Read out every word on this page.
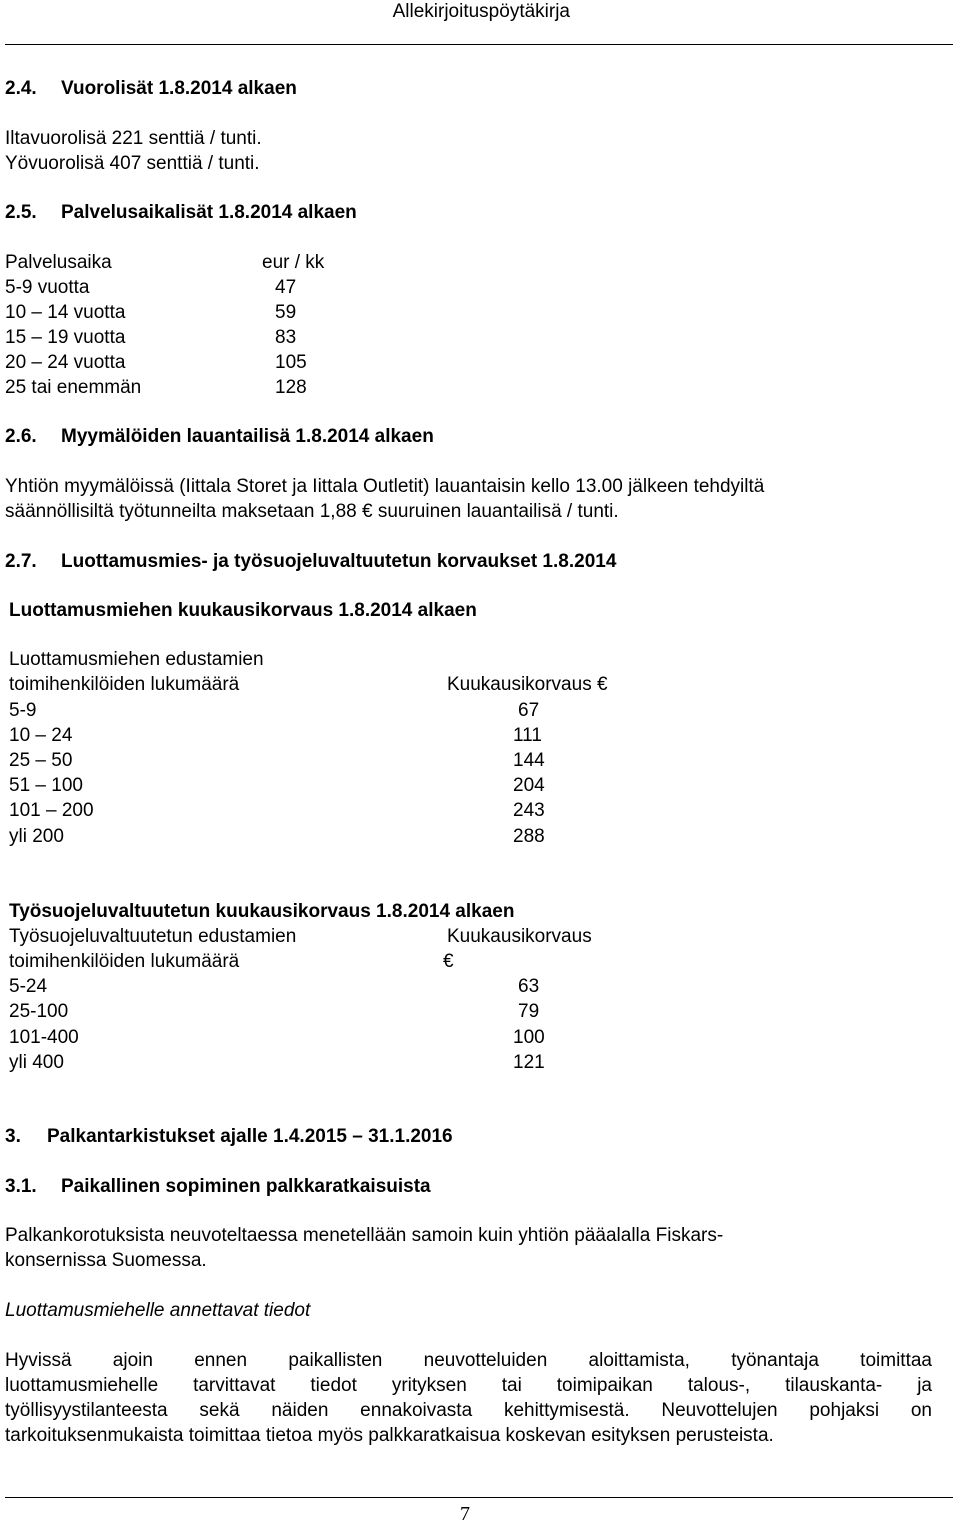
Allekirjoituspöytäkirja
2.4. Vuorolisät 1.8.2014 alkaen
Iltavuorolisä 221 senttiä / tunti.
Yövuorolisä 407 senttiä / tunti.
2.5. Palvelusaikalisät 1.8.2014 alkaen
Palvelusaika	eur / kk
5-9 vuotta	47
10 – 14 vuotta	59
15 – 19 vuotta	83
20 – 24 vuotta	105
25 tai enemmän	128
2.6. Myymälöiden lauantailisä 1.8.2014 alkaen
Yhtiön myymälöissä (Iittala Storet ja Iittala Outletit) lauantaisin kello 13.00 jälkeen tehdyiltä
säännöllisiltä työtunneilta maksetaan 1,88 € suuruinen lauantailisä / tunti.
2.7. Luottamusmies- ja työsuojeluvaltuutetun korvaukset 1.8.2014
Luottamusmiehen kuukausikorvaus 1.8.2014 alkaen
Luottamusmiehen edustamien
toimihenkilöiden lukumäärä	Kuukausikorvaus €
5-9	67
10 – 24	111
25 – 50	144
51 – 100	204
101 – 200	243
yli 200	288
Työsuojeluvaltuutetun kuukausikorvaus 1.8.2014 alkaen
Työsuojeluvaltuutetun edustamien	Kuukausikorvaus
toimihenkilöiden lukumäärä	€
5-24	63
25-100	79
101-400	100
yli 400	121
3. Palkantarkistukset ajalle 1.4.2015 – 31.1.2016
3.1. Paikallinen sopiminen palkkaratkaisuista
Palkankorotuksista neuvoteltaessa menetellään samoin kuin yhtiön pääalalla Fiskars-
konsernissa Suomessa.
Luottamusmiehelle annettavat tiedot
Hyvissä ajoin ennen paikallisten neuvotteluiden aloittamista, työnantaja toimittaa
luottamusmiehelle tarvittavat tiedot yrityksen tai toimipaikan talous-, tilauskanta- ja
työllisyystilanteesta sekä näiden ennakoivasta kehittymisestä. Neuvottelujen pohjaksi on
tarkoituksenmukaista toimittaa tietoa myös palkkaratkaisua koskevan esityksen perusteista.
7
